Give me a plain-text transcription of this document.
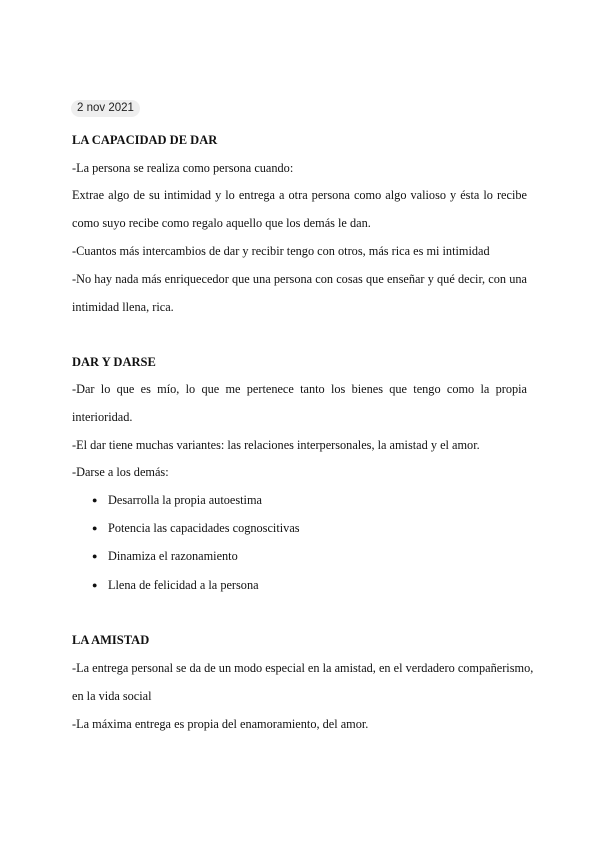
2 nov 2021
LA CAPACIDAD DE DAR
-La persona se realiza como persona cuando:
Extrae algo de su intimidad y lo entrega a otra persona como algo valioso y ésta lo recibe
como suyo recibe como regalo aquello que los demás le dan.
-Cuantos más intercambios de dar y recibir tengo con otros, más rica es mi intimidad
-No hay nada más enriquecedor que una persona con cosas que enseñar y qué decir, con una
intimidad llena, rica.
DAR Y DARSE
-Dar lo que es mío, lo que me pertenece tanto los bienes que tengo como la propia
interioridad.
-El dar tiene muchas variantes: las relaciones interpersonales, la amistad y el amor.
-Darse a los demás:
● Desarrolla la propia autoestima
● Potencia las capacidades cognoscitivas
● Dinamiza el razonamiento
● Llena de felicidad a la persona
LA AMISTAD
-La entrega personal se da de un modo especial en la amistad, en el verdadero compañerismo,
en la vida social
-La máxima entrega es propia del enamoramiento, del amor.
